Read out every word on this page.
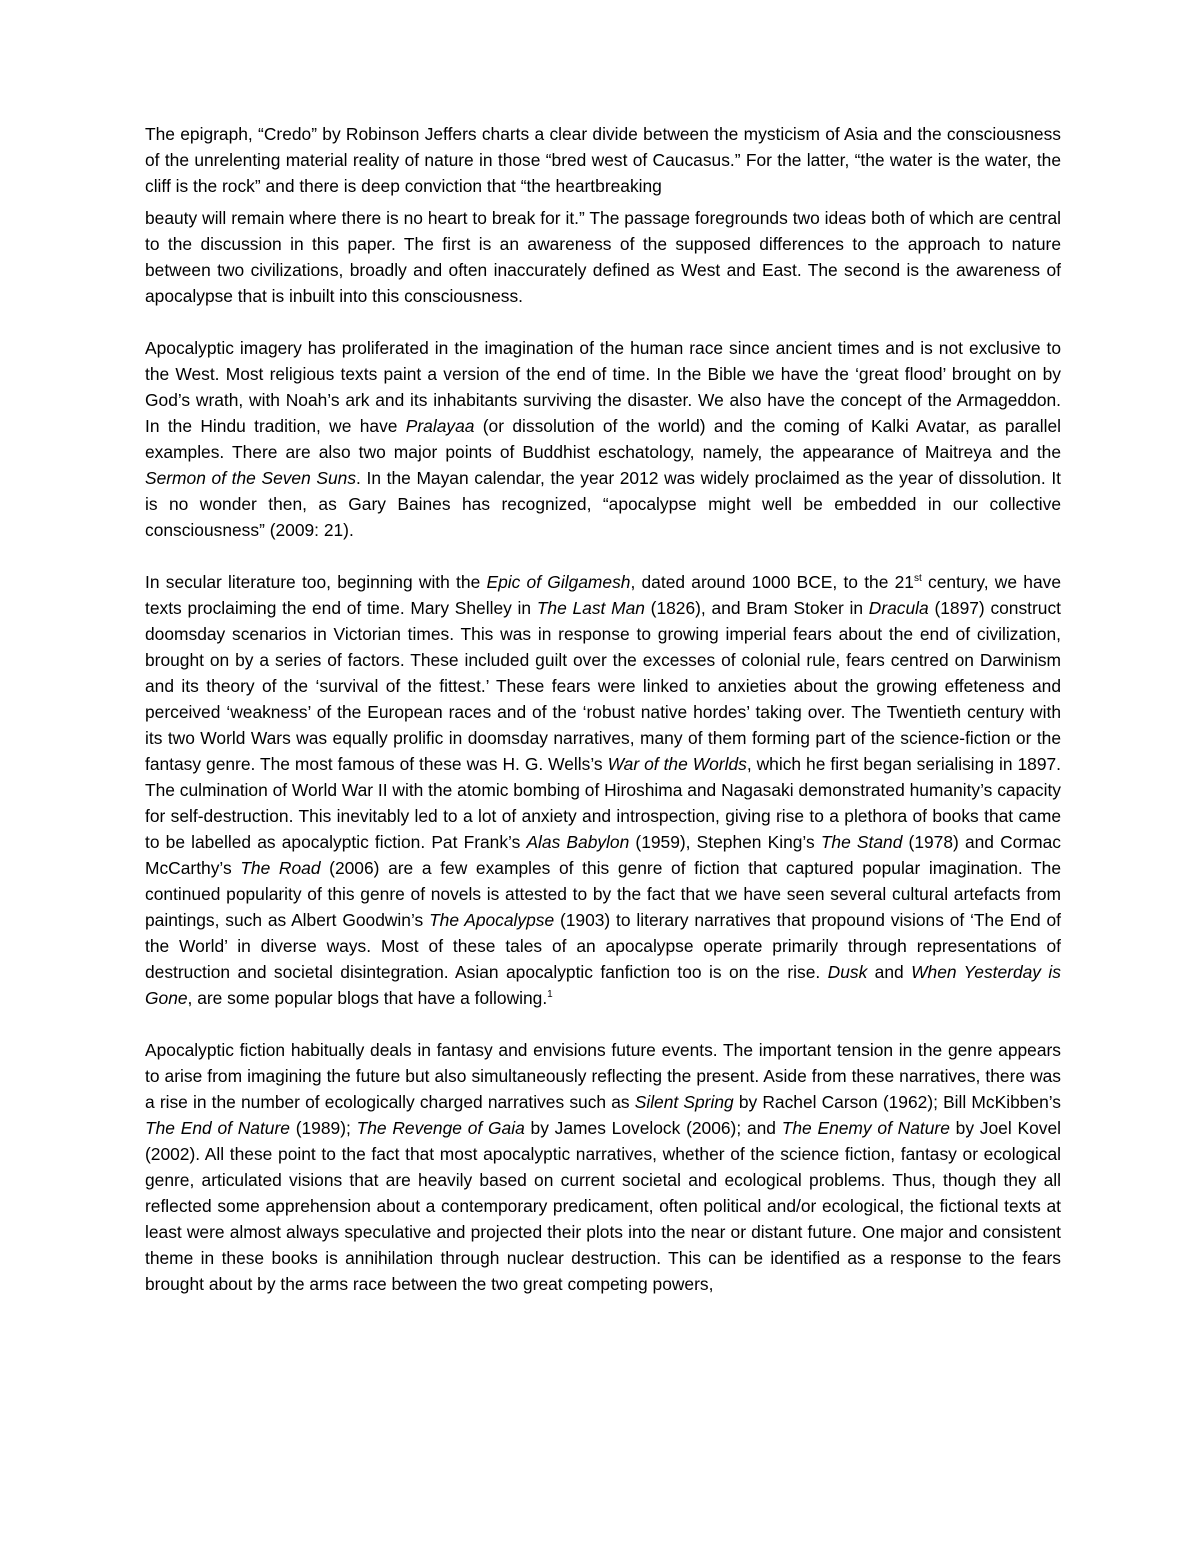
The epigraph, “Credo” by Robinson Jeffers charts a clear divide between the mysticism of Asia and the consciousness of the unrelenting material reality of nature in those “bred west of Caucasus.” For the latter, “the water is the water, the cliff is the rock” and there is deep conviction that “the heartbreaking

beauty will remain where there is no heart to break for it.” The passage foregrounds two ideas both of which are central to the discussion in this paper. The first is an awareness of the supposed differences to the approach to nature between two civilizations, broadly and often inaccurately defined as West and East. The second is the awareness of apocalypse that is inbuilt into this consciousness.

Apocalyptic imagery has proliferated in the imagination of the human race since ancient times and is not exclusive to the West. Most religious texts paint a version of the end of time. In the Bible we have the ‘great flood’ brought on by God’s wrath, with Noah’s ark and its inhabitants surviving the disaster. We also have the concept of the Armageddon. In the Hindu tradition, we have Pralayaa (or dissolution of the world) and the coming of Kalki Avatar, as parallel examples. There are also two major points of Buddhist eschatology, namely, the appearance of Maitreya and the Sermon of the Seven Suns. In the Mayan calendar, the year 2012 was widely proclaimed as the year of dissolution. It is no wonder then, as Gary Baines has recognized, “apocalypse might well be embedded in our collective consciousness” (2009: 21).

In secular literature too, beginning with the Epic of Gilgamesh, dated around 1000 BCE, to the 21st century, we have texts proclaiming the end of time. Mary Shelley in The Last Man (1826), and Bram Stoker in Dracula (1897) construct doomsday scenarios in Victorian times. This was in response to growing imperial fears about the end of civilization, brought on by a series of factors. These included guilt over the excesses of colonial rule, fears centred on Darwinism and its theory of the ‘survival of the fittest.’ These fears were linked to anxieties about the growing effeteness and perceived ‘weakness’ of the European races and of the ‘robust native hordes’ taking over. The Twentieth century with its two World Wars was equally prolific in doomsday narratives, many of them forming part of the science-fiction or the fantasy genre. The most famous of these was H. G. Wells’s War of the Worlds, which he first began serialising in 1897. The culmination of World War II with the atomic bombing of Hiroshima and Nagasaki demonstrated humanity’s capacity for self-destruction. This inevitably led to a lot of anxiety and introspection, giving rise to a plethora of books that came to be labelled as apocalyptic fiction. Pat Frank’s Alas Babylon (1959), Stephen King’s The Stand (1978) and Cormac McCarthy’s The Road (2006) are a few examples of this genre of fiction that captured popular imagination. The continued popularity of this genre of novels is attested to by the fact that we have seen several cultural artefacts from paintings, such as Albert Goodwin’s The Apocalypse (1903) to literary narratives that propound visions of ‘The End of the World’ in diverse ways. Most of these tales of an apocalypse operate primarily through representations of destruction and societal disintegration. Asian apocalyptic fanfiction too is on the rise. Dusk and When Yesterday is Gone, are some popular blogs that have a following.$^1$

Apocalyptic fiction habitually deals in fantasy and envisions future events. The important tension in the genre appears to arise from imagining the future but also simultaneously reflecting the present. Aside from these narratives, there was a rise in the number of ecologically charged narratives such as Silent Spring by Rachel Carson (1962); Bill McKibben’s The End of Nature (1989); The Revenge of Gaia by James Lovelock (2006); and The Enemy of Nature by Joel Kovel (2002). All these point to the fact that most apocalyptic narratives, whether of the science fiction, fantasy or ecological genre, articulated visions that are heavily based on current societal and ecological problems. Thus, though they all reflected some apprehension about a contemporary predicament, often political and/or ecological, the fictional texts at least were almost always speculative and projected their plots into the near or distant future. One major and consistent theme in these books is annihilation through nuclear destruction. This can be identified as a response to the fears brought about by the arms race between the two great competing powers,
